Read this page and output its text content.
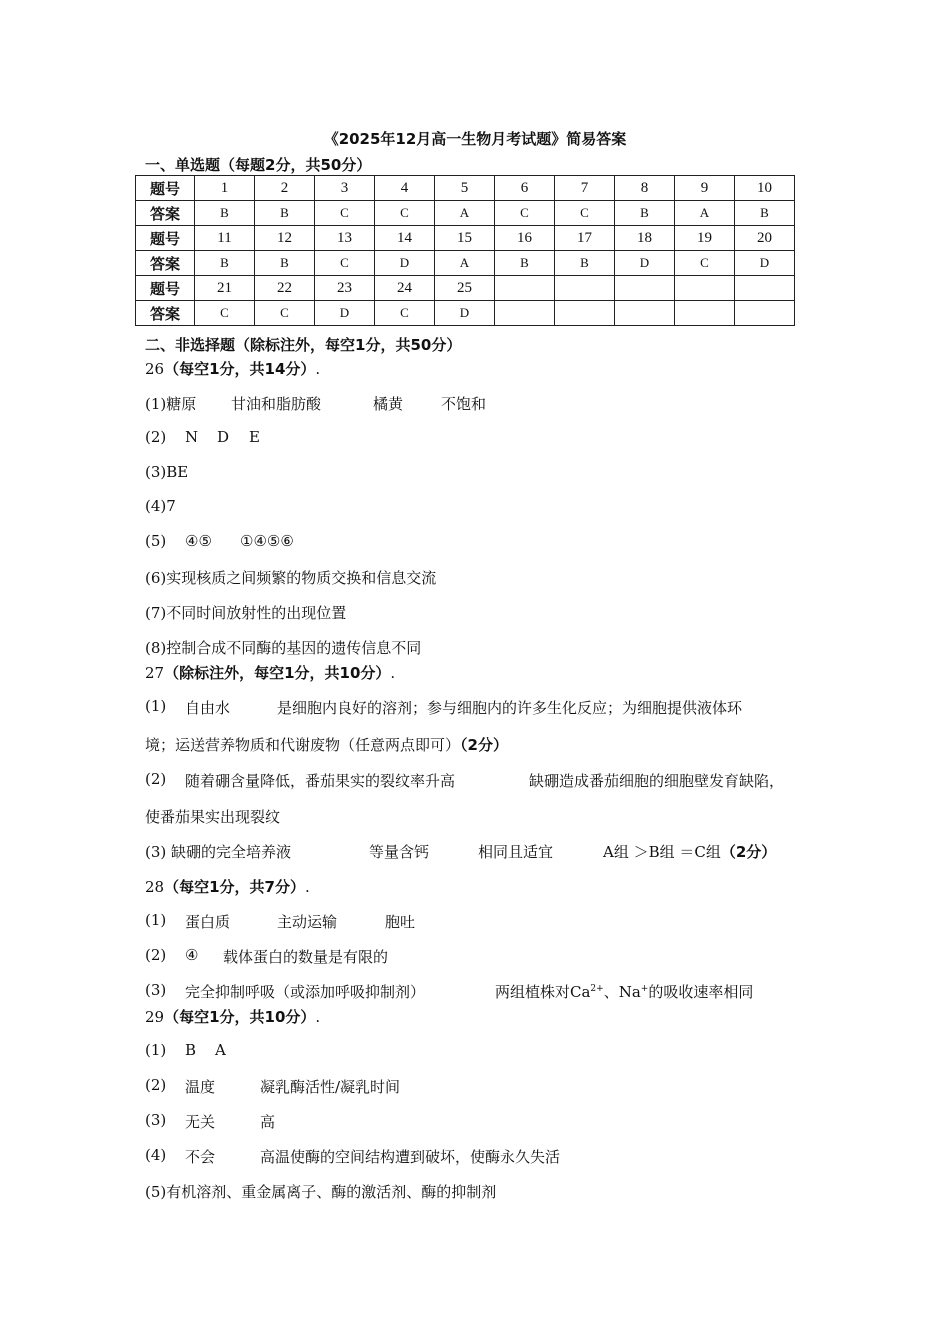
《2025年12月高一生物月考试题》简易答案
一、单选题（每题2分，共50分）
题号	1	2	3	4	5	6	7	8	9	10
答案	B	B	C	C	A	C	C	B	A	B
题号	11	12	13	14	15	16	17	18	19	20
答案	B	B	C	D	A	B	B	D	C	D
题号	21	22	23	24	25					
答案	C	C	D	C	D					
二、非选择题（除标注外，每空1分，共50分）
26（每空1分，共14分）.
(1)糖原 甘油和脂肪酸	橘黄	不饱和
(2) N D E
(3)BE
(4)7
(5) ④⑤ ①④⑤⑥
(6)实现核质之间频繁的物质交换和信息交流
(7)不同时间放射性的出现位置
(8)控制合成不同酶的基因的遗传信息不同
27（除标注外，每空1分，共10分）.
(1) 自由水	是细胞内良好的溶剂；参与细胞内的许多生化反应；为细胞提供液体环
境；运送营养物质和代谢废物（任意两点即可）（2分）
(2) 随着硼含量降低，番茄果实的裂纹率升高	缺硼造成番茄细胞的细胞壁发育缺陷，
使番茄果实出现裂纹
(3) 缺硼的完全培养液	等量含钙	相同且适宜	A组 ＞B组 ＝C组（2分）
28（每空1分，共7分）.
(1) 蛋白质	主动运输	胞吐
(2) ④ 载体蛋白的数量是有限的
(3) 完全抑制呼吸（或添加呼吸抑制剂）	两组植株对$Ca^{2+}$、Na+的吸收速率相同
29（每空1分，共10分）.
(1) B A
(2) 温度	凝乳酶活性/凝乳时间
(3) 无关	高
(4) 不会	高温使酶的空间结构遭到破坏，使酶永久失活
(5)有机溶剂、重金属离子、酶的激活剂、酶的抑制剂
